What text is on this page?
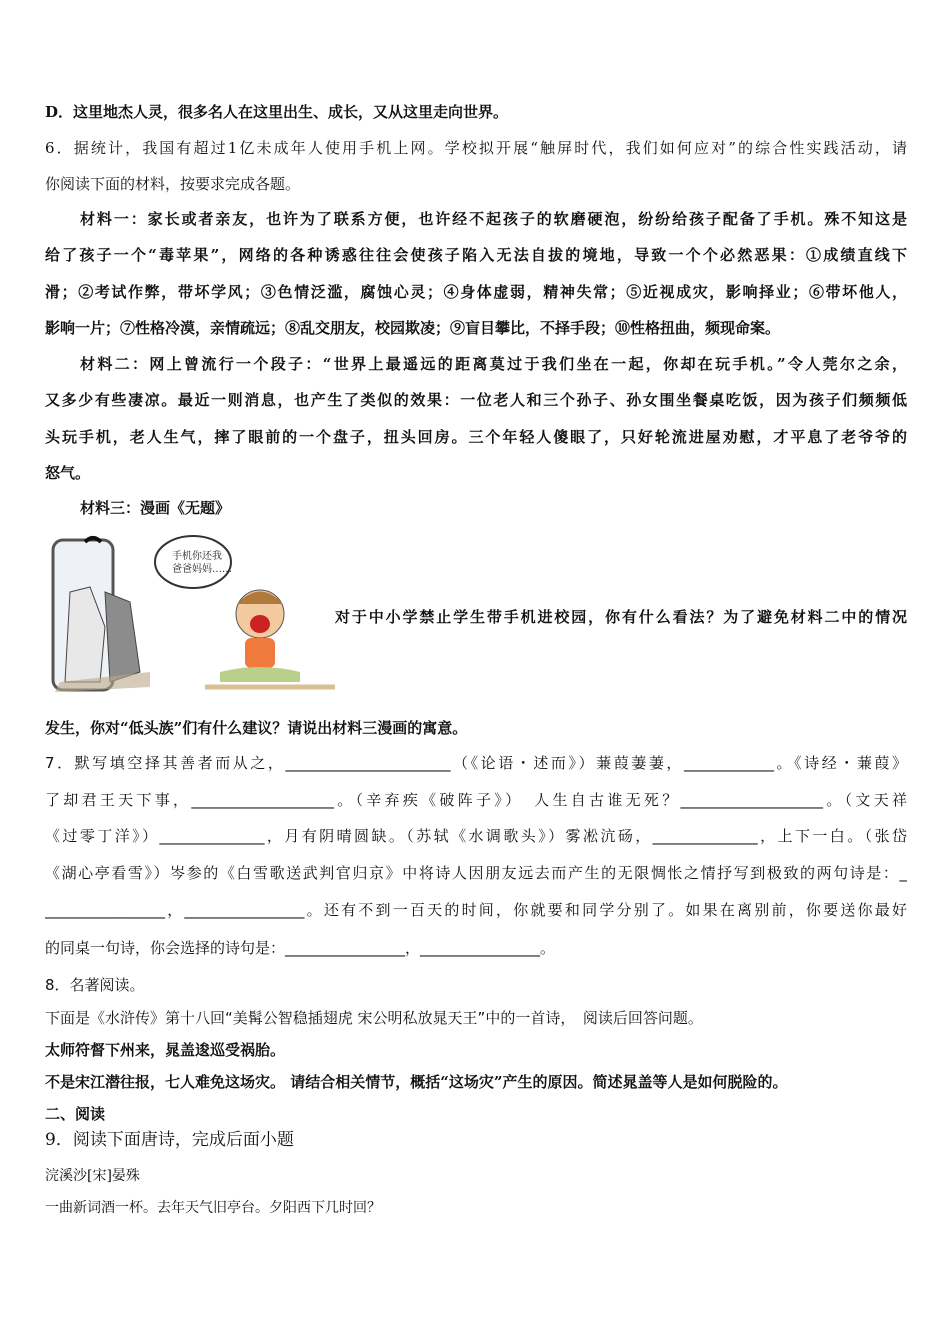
D．这里地杰人灵，很多名人在这里出生、成长，又从这里走向世界。
6．据统计，我国有超过1亿未成年人使用手机上网。学校拟开展“触屏时代，我们如何应对”的综合性实践活动，请
你阅读下面的材料，按要求完成各题。
材料一：家长或者亲友，也许为了联系方便，也许经不起孩子的软磨硬泡，纷纷给孩子配备了手机。殊不知这是
给了孩子一个“毒苹果”，网络的各种诱惑往往会使孩子陷入无法自拔的境地，导致一个个必然恶果：①成绩直线下
滑；②考试作弊，带坏学风；③色情泛滥，腐蚀心灵；④身体虚弱，精神失常；⑤近视成灾，影响择业；⑥带坏他人，
影响一片；⑦性格冷漠，亲情疏远；⑧乱交朋友，校园欺凌；⑨盲目攀比，不择手段；⑩性格扭曲，频现命案。
材料二：网上曾流行一个段子：“世界上最遥远的距离莫过于我们坐在一起，你却在玩手机。”令人莞尔之余，
又多少有些凄凉。最近一则消息，也产生了类似的效果：一位老人和三个孙子、孙女围坐餐桌吃饭，因为孩子们频频低
头玩手机，老人生气，摔了眼前的一个盘子，扭头回房。三个年轻人傻眼了，只好轮流进屋劝慰，才平息了老爷爷的
怒气。
材料三：漫画《无题》
手机你还我
爸爸妈妈……
对于中小学禁止学生带手机进校园，你有什么看法？为了避免材料二中的情况
发生，你对“低头族”们有什么建议？请说出材料三漫画的寓意。
7．默写填空择其善者而从之，______________________（《论语・述而》）蒹葭萋萋，____________。《诗经・蒹葭》
了却君王天下事，___________________。（辛弃疾《破阵子》）　人生自古谁无死？___________________。（文天祥
《过零丁洋》）______________，月有阴晴圆缺。（苏轼《水调歌头》）雾凇沆砀，______________，上下一白。（张岱
《湖心亭看雪》）岑参的《白雪歌送武判官归京》中将诗人因朋友远去而产生的无限惆怅之情抒写到极致的两句诗是：_
________________，________________。还有不到一百天的时间，你就要和同学分别了。如果在离别前，你要送你最好
的同桌一句诗，你会选择的诗句是：________________，________________。
8．名著阅读。
下面是《水浒传》第十八回“美髯公智稳插翅虎 宋公明私放晁天王”中的一首诗，　阅读后回答问题。
太师符督下州来，晁盖逡巡受祸胎。
不是宋江潜往报，七人难免这场灾。 请结合相关情节，概括“这场灾”产生的原因。简述晁盖等人是如何脱险的。
二、阅读
9．阅读下面唐诗，完成后面小题
浣溪沙[宋]晏殊
一曲新词酒一杯。去年天气旧亭台。夕阳西下几时回？
